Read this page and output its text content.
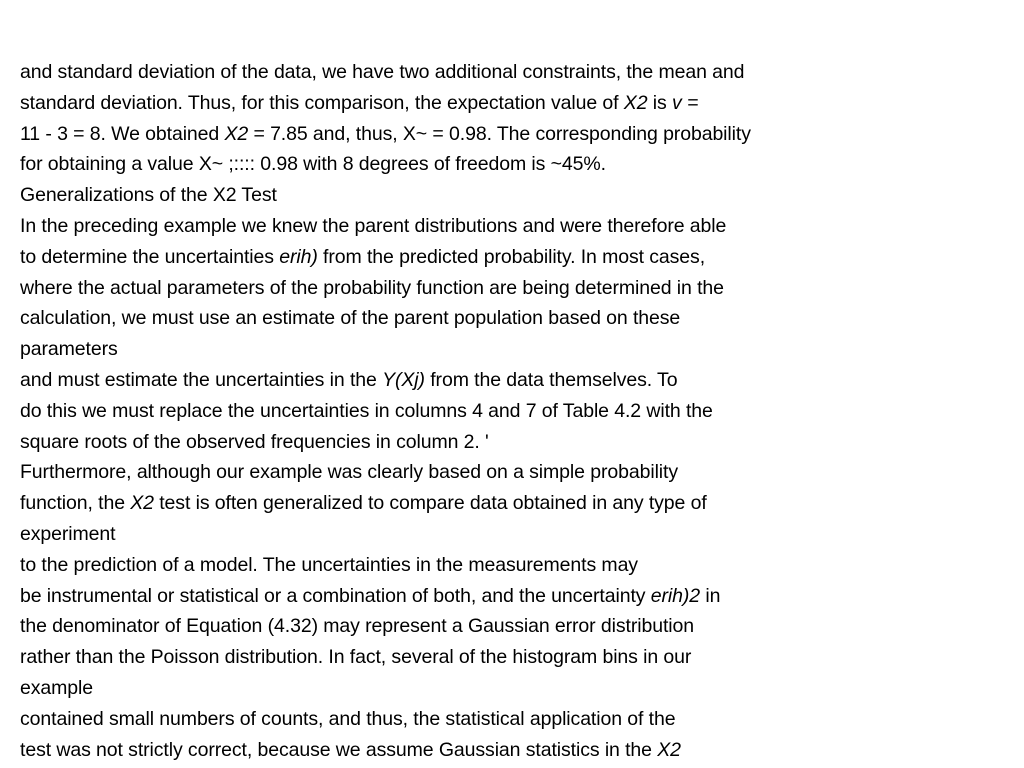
and standard deviation of the data, we have two additional constraints, the mean and
standard deviation. Thus, for this comparison, the expectation value of X2 is v =
11 - 3 = 8. We obtained X2 = 7.85 and, thus, X~ = 0.98. The corresponding probability
for obtaining a value X~ ;:::: 0.98 with 8 degrees of freedom is ~45%.
Generalizations of the X2 Test
In the preceding example we knew the parent distributions and were therefore able
to determine the uncertainties erih) from the predicted probability. In most cases,
where the actual parameters of the probability function are being determined in the
calculation, we must use an estimate of the parent population based on these
parameters
and must estimate the uncertainties in the Y(Xj) from the data themselves. To
do this we must replace the uncertainties in columns 4 and 7 of Table 4.2 with the
square roots of the observed frequencies in column 2. '
Furthermore, although our example was clearly based on a simple probability
function, the X2 test is often generalized to compare data obtained in any type of
experiment
to the prediction of a model. The uncertainties in the measurements may
be instrumental or statistical or a combination of both, and the uncertainty erih)2 in
the denominator of Equation (4.32) may represent a Gaussian error distribution
rather than the Poisson distribution. In fact, several of the histogram bins in our
example
contained small numbers of counts, and thus, the statistical application of the
test was not strictly correct, because we assume Gaussian statistics in the X2
